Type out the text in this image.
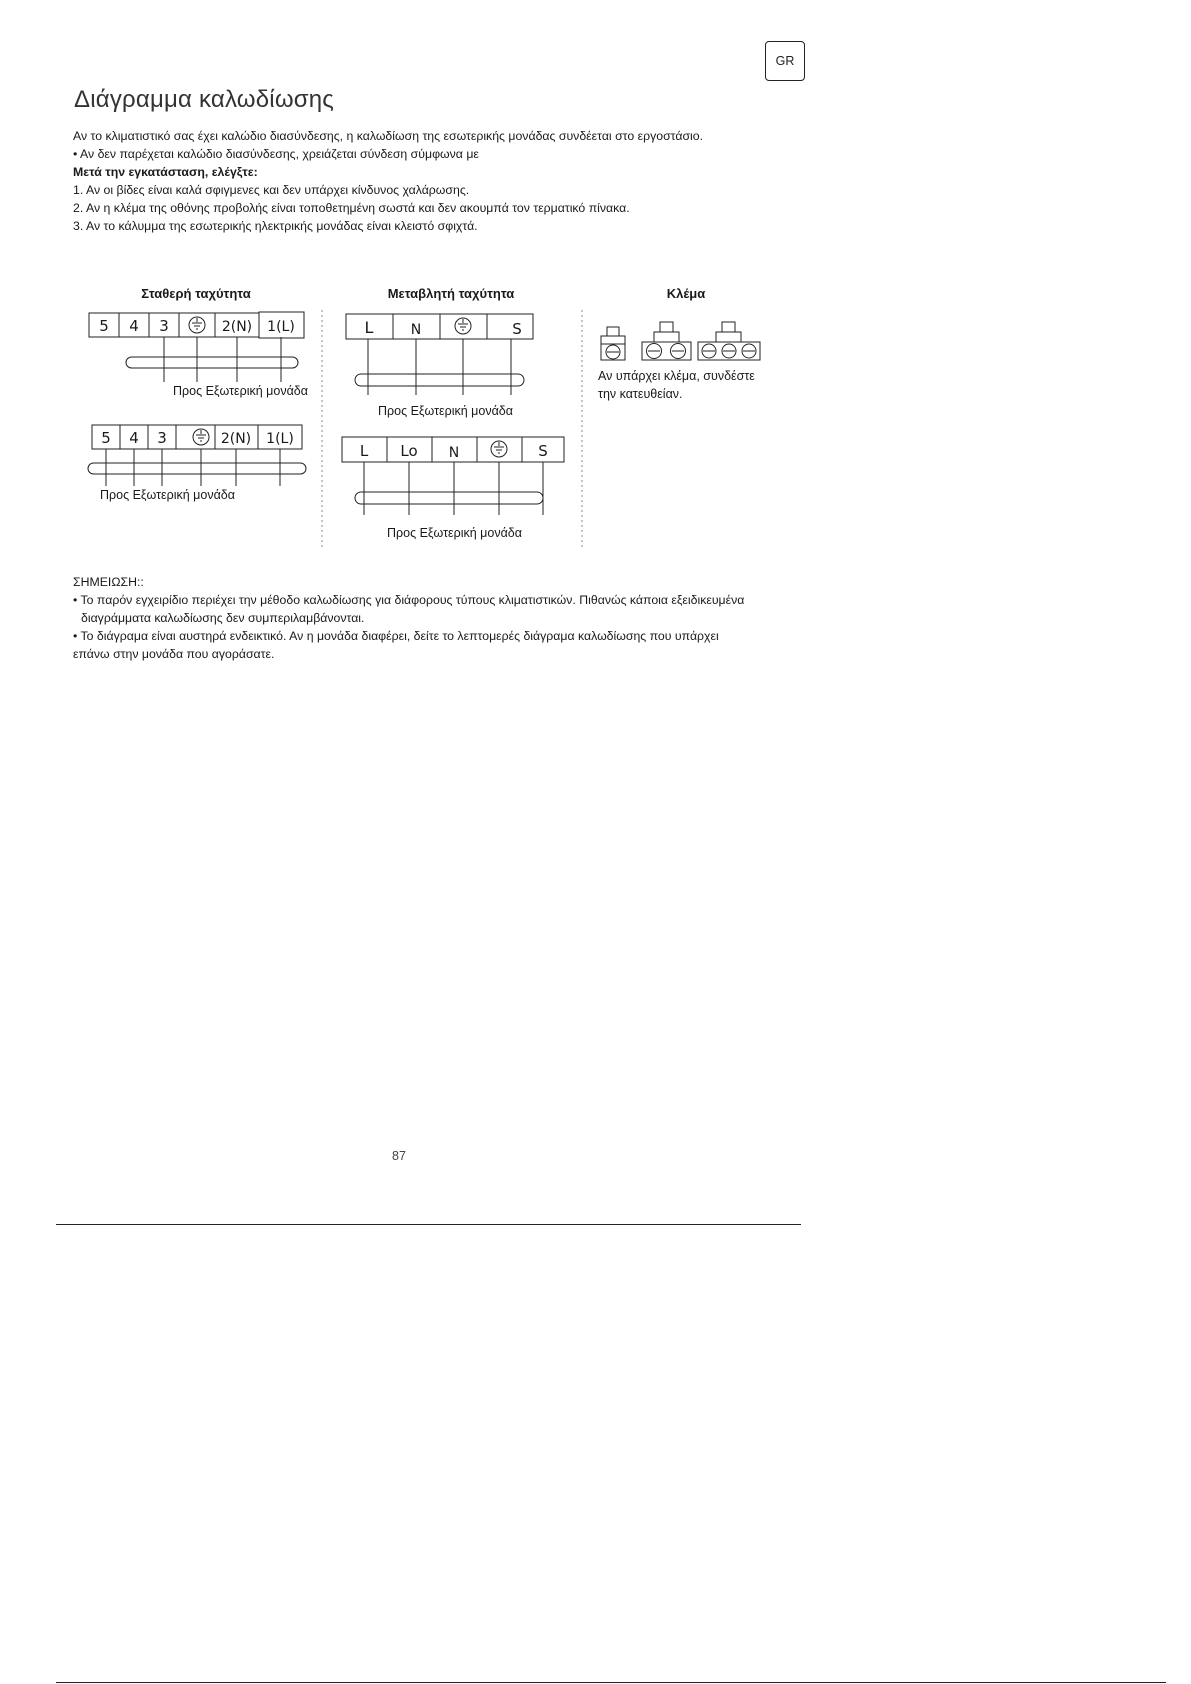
GR
Διάγραμμα καλωδίωσης

Αν το κλιματιστικό σας έχει καλώδιο διασύνδεσης, η καλωδίωση της εσωτερικής μονάδας συνδέεται στο εργοστάσιο.

• Αν δεν παρέχεται καλώδιο διασύνδεσης, χρειάζεται σύνδεση σύμφωνα με

Μετά την εγκατάσταση, ελέγξτε:

1. Αν οι βίδες είναι καλά σφιγμενες και δεν υπάρχει κίνδυνος χαλάρωσης.

2. Αν η κλέμα της οθόνης προβολής είναι τοποθετημένη σωστά και δεν ακουμπά τον τερματικό πίνακα.

3. Αν το κάλυμμα της εσωτερικής ηλεκτρικής μονάδας είναι κλειστό σφιχτά.

Σταθερή ταχύτητα	Μεταβλητή ταχύτητα	Κλέμα
5 4 3	2(N) 1(L)
Προς Εξωτερική μονάδα
5 4 3	2(N) 1(L)
Προς Εξωτερική μονάδα
L	N	S
Προς Εξωτερική μονάδα
L Lo N	S
Προς Εξωτερική μονάδα
Αν υπάρχει κλέμα, συνδέστε
την κατευθείαν.

ΣΗΜΕΙΩΣΗ::

• Το παρόν εγχειρίδιο περιέχει την μέθοδο καλωδίωσης για διάφορους τύπους κλιματιστικών. Πιθανώς κάποια εξειδικευμένα

διαγράμματα καλωδίωσης δεν συμπεριλαμβάνονται.

• Το διάγραμα είναι αυστηρά ενδεικτικό. Αν η μονάδα διαφέρει, δείτε το λεπτομερές διάγραμα καλωδίωσης που υπάρχει

επάνω στην μονάδα που αγοράσατε.

87
